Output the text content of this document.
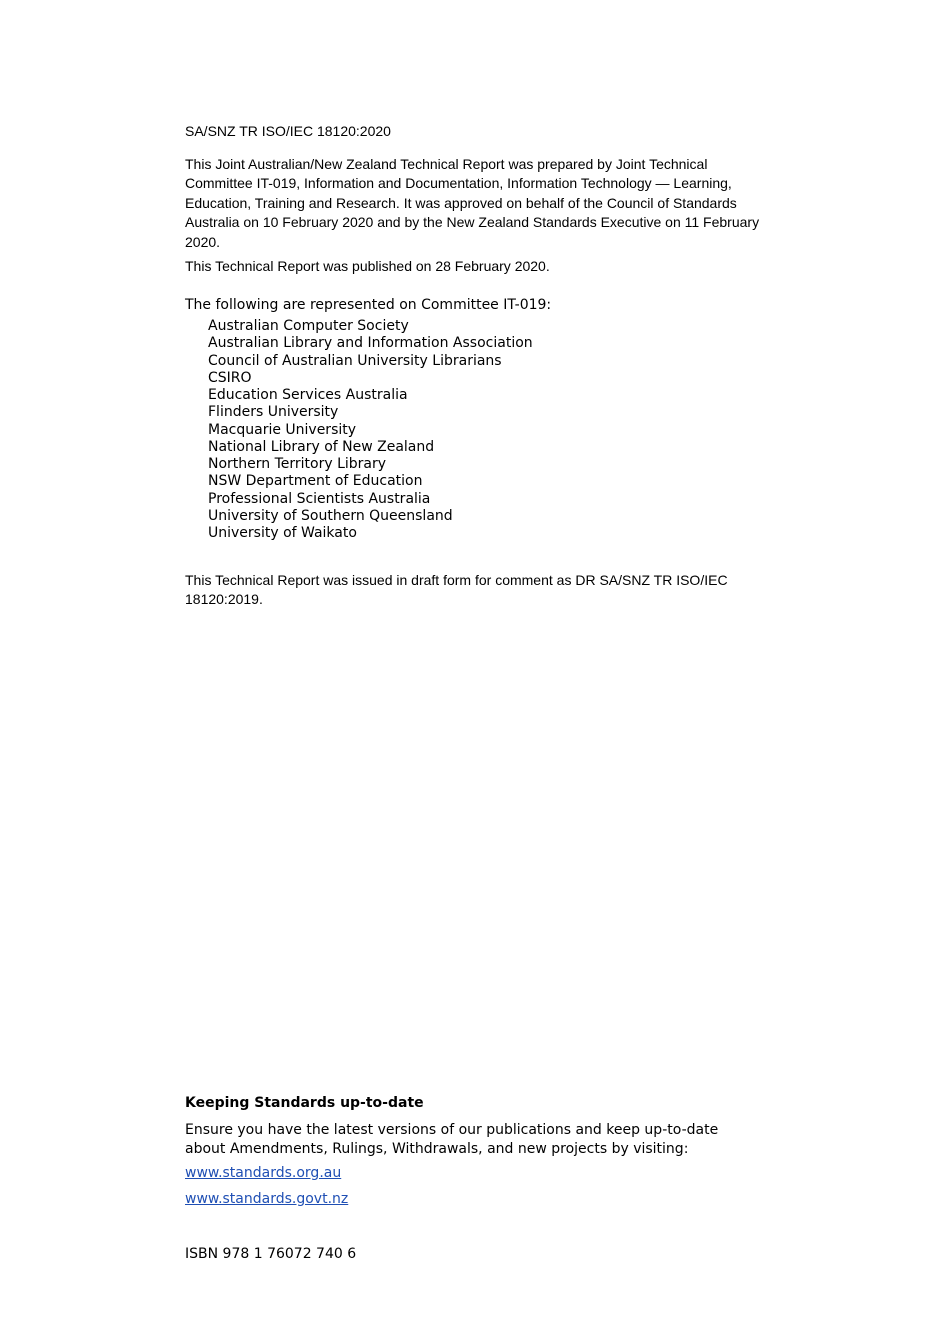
SA/SNZ TR ISO/IEC 18120:2020

This Joint Australian/New Zealand Technical Report was prepared by Joint Technical Committee IT-019, Information and Documentation, Information Technology — Learning, Education, Training and Research. It was approved on behalf of the Council of Standards Australia on 10 February 2020 and by the New Zealand Standards Executive on 11 February 2020.

This Technical Report was published on 28 February 2020.

The following are represented on Committee IT-019:

Australian Computer Society
Australian Library and Information Association
Council of Australian University Librarians
CSIRO
Education Services Australia
Flinders University
Macquarie University
National Library of New Zealand
Northern Territory Library
NSW Department of Education
Professional Scientists Australia
University of Southern Queensland
University of Waikato

This Technical Report was issued in draft form for comment as DR SA/SNZ TR ISO/IEC 18120:2019.

Keeping Standards up-to-date

Ensure you have the latest versions of our publications and keep up-to-date about Amendments, Rulings, Withdrawals, and new projects by visiting:

www.standards.org.au
www.standards.govt.nz

ISBN 978 1 76072 740 6
